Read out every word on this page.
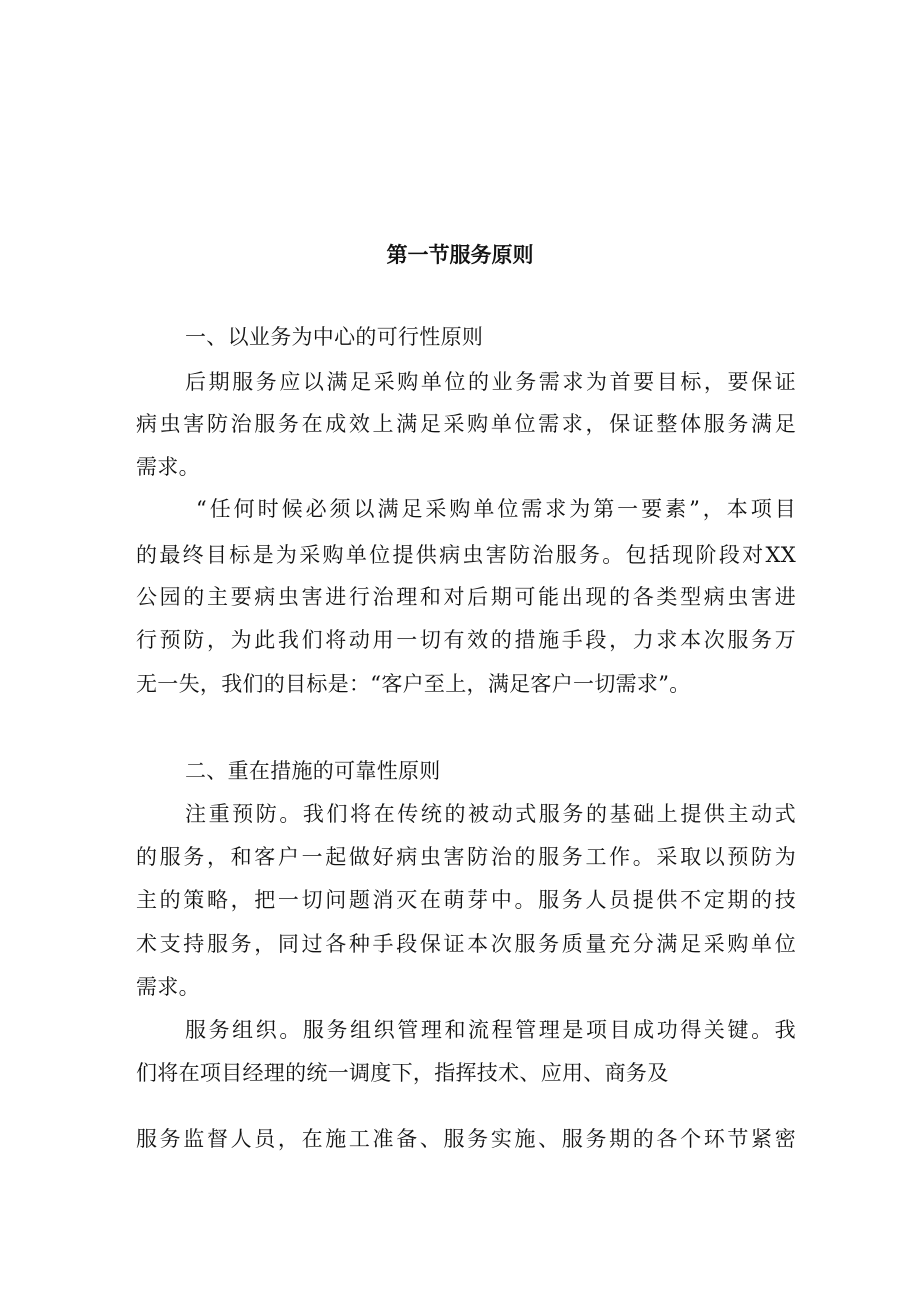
第一节服务原则
一、以业务为中心的可行性原则
后期服务应以满足采购单位的业务需求为首要目标，要保证
病虫害防治服务在成效上满足采购单位需求，保证整体服务满足
需求。
“任何时候必须以满足采购单位需求为第一要素”，本项目
的最终目标是为采购单位提供病虫害防治服务。包括现阶段对XX
公园的主要病虫害进行治理和对后期可能出现的各类型病虫害进
行预防，为此我们将动用一切有效的措施手段，力求本次服务万
无一失，我们的目标是：“客户至上，满足客户一切需求”。
二、重在措施的可靠性原则
注重预防。我们将在传统的被动式服务的基础上提供主动式
的服务，和客户一起做好病虫害防治的服务工作。采取以预防为
主的策略，把一切问题消灭在萌芽中。服务人员提供不定期的技
术支持服务，同过各种手段保证本次服务质量充分满足采购单位
需求。
服务组织。服务组织管理和流程管理是项目成功得关键。我
们将在项目经理的统一调度下，指挥技术、应用、商务及
服务监督人员，在施工准备、服务实施、服务期的各个环节紧密
